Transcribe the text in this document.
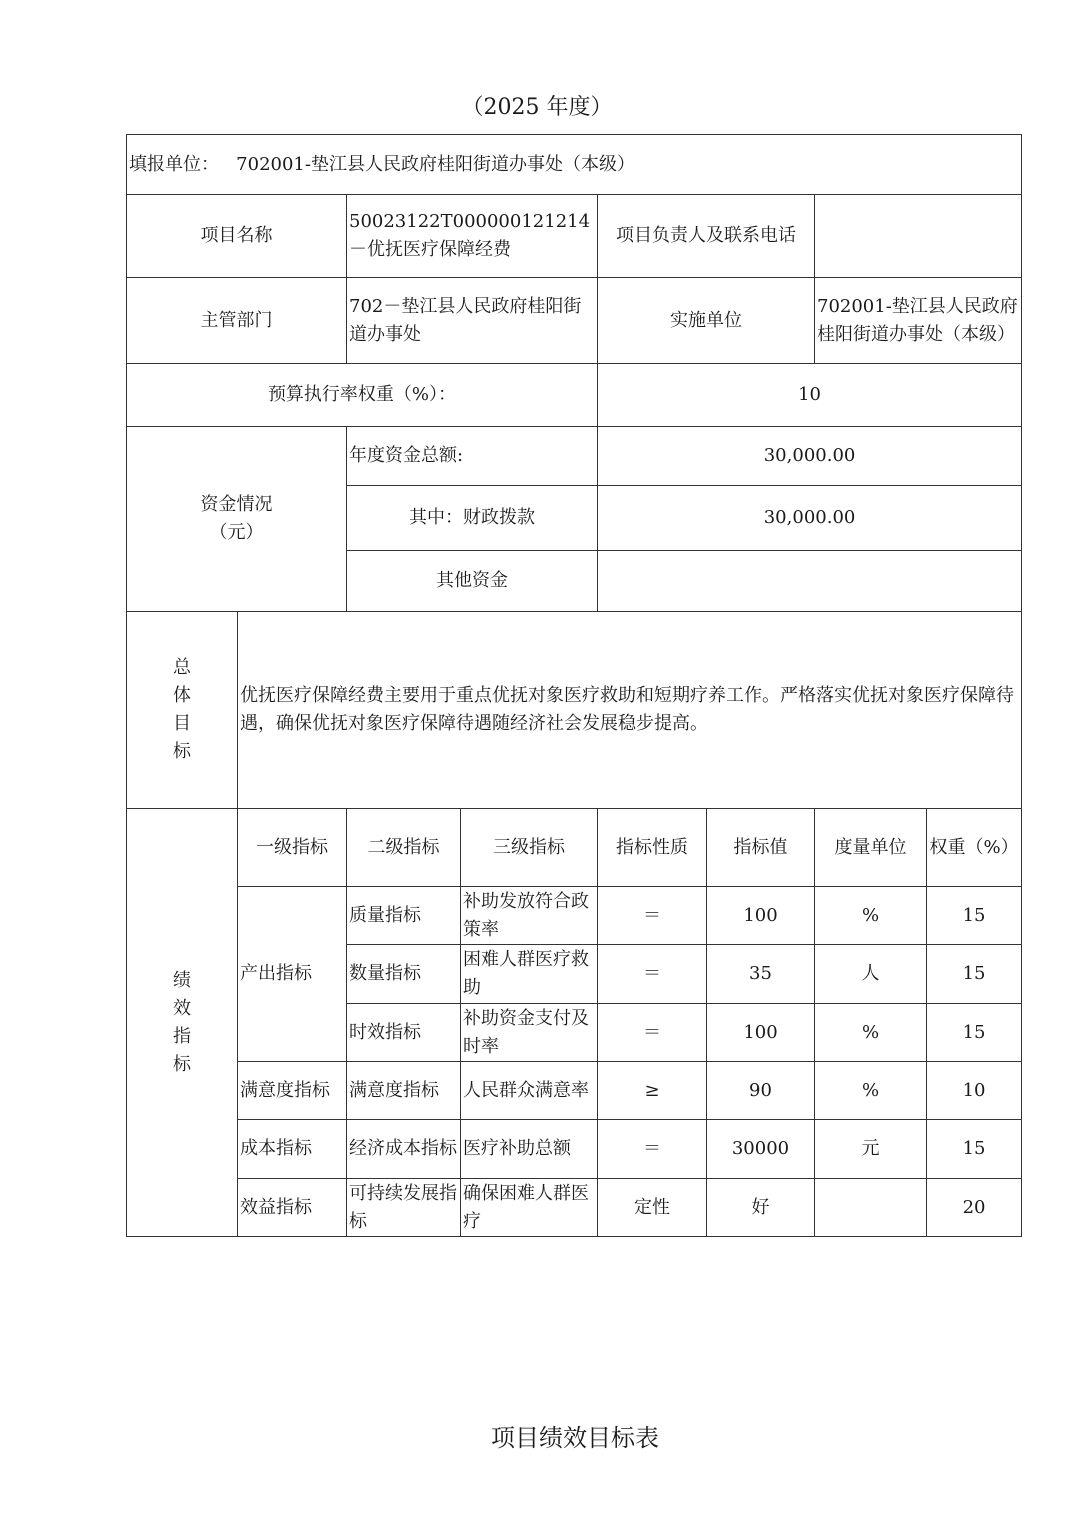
（2025 年度）
填报单位： 702001-垫江县人民政府桂阳街道办事处（本级）							
项目名称		50023122T000000121214－优抚医疗保障经费		项目负责人及联系电话			
主管部门		702－垫江县人民政府桂阳街道办事处		实施单位		702001-垫江县人民政府桂阳街道办事处（本级）	
预算执行率权重（%）：				10			

资金情况
（元）		年度资金总额:		30,000.00			
		其中：财政拨款		30,000.00			
		其他资金					

总
体
目
标	优抚医疗保障经费主要用于重点优抚对象医疗救助和短期疗养工作。严格落实优抚对象医疗保障待遇，确保优抚对象医疗保障待遇随经济社会发展稳步提高。						

绩
效
指
标	一级指标	二级指标	三级指标	指标性质	指标值	度量单位	权重（%）
	产出指标	质量指标	补助发放符合政策率	＝	100	%	15
		数量指标	困难人群医疗救助	＝	35	人	15
		时效指标	补助资金支付及时率	＝	100	%	15
	满意度指标	满意度指标	人民群众满意率	≥	90	%	10
	成本指标	经济成本指标	医疗补助总额	＝	30000	元	15
	效益指标	可持续发展指标	确保困难人群医疗	定性	好		20
项目绩效目标表
